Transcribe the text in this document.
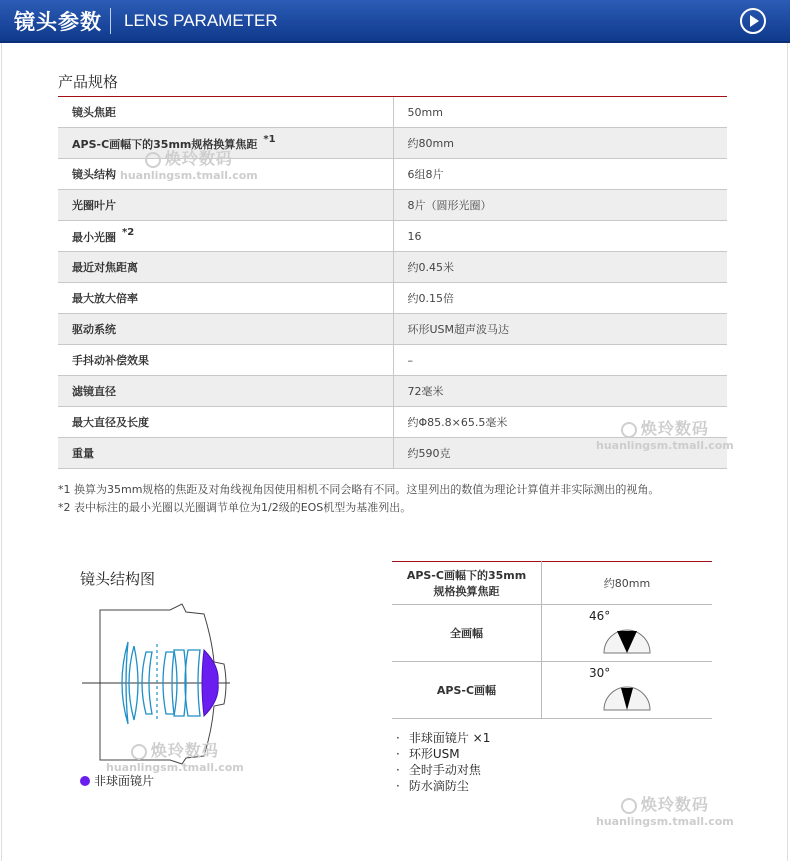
镜头参数 LENS PARAMETER
产品规格
镜头焦距	50mm
APS-C画幅下的35mm规格换算焦距 *1	约80mm
镜头结构	6组8片
光圈叶片	8片（圆形光圈）
最小光圈 *2	16
最近对焦距离	约0.45米
最大放大倍率	约0.15倍
驱动系统	环形USM超声波马达
手抖动补偿效果	–
滤镜直径	72毫米
最大直径及长度	约Φ85.8×65.5毫米
重量	约590克
*1 换算为35mm规格的焦距及对角线视角因使用相机不同会略有不同。这里列出的数值为理论计算值并非实际测出的视角。
*2 表中标注的最小光圈以光圈调节单位为1/2级的EOS机型为基准列出。
镜头结构图
非球面镜片
APS-C画幅下的35mm
规格换算焦距	约80mm
全画幅	46°

APS-C画幅	30°
· 非球面镜片 ×1
· 环形USM
· 全时手动对焦
· 防水滴防尘
焕玲数码
huanlingsm.tmall.com
焕玲数码
huanlingsm.tmall.com
焕玲数码
huanlingsm.tmall.com
焕玲数码
huanlingsm.tmall.com
